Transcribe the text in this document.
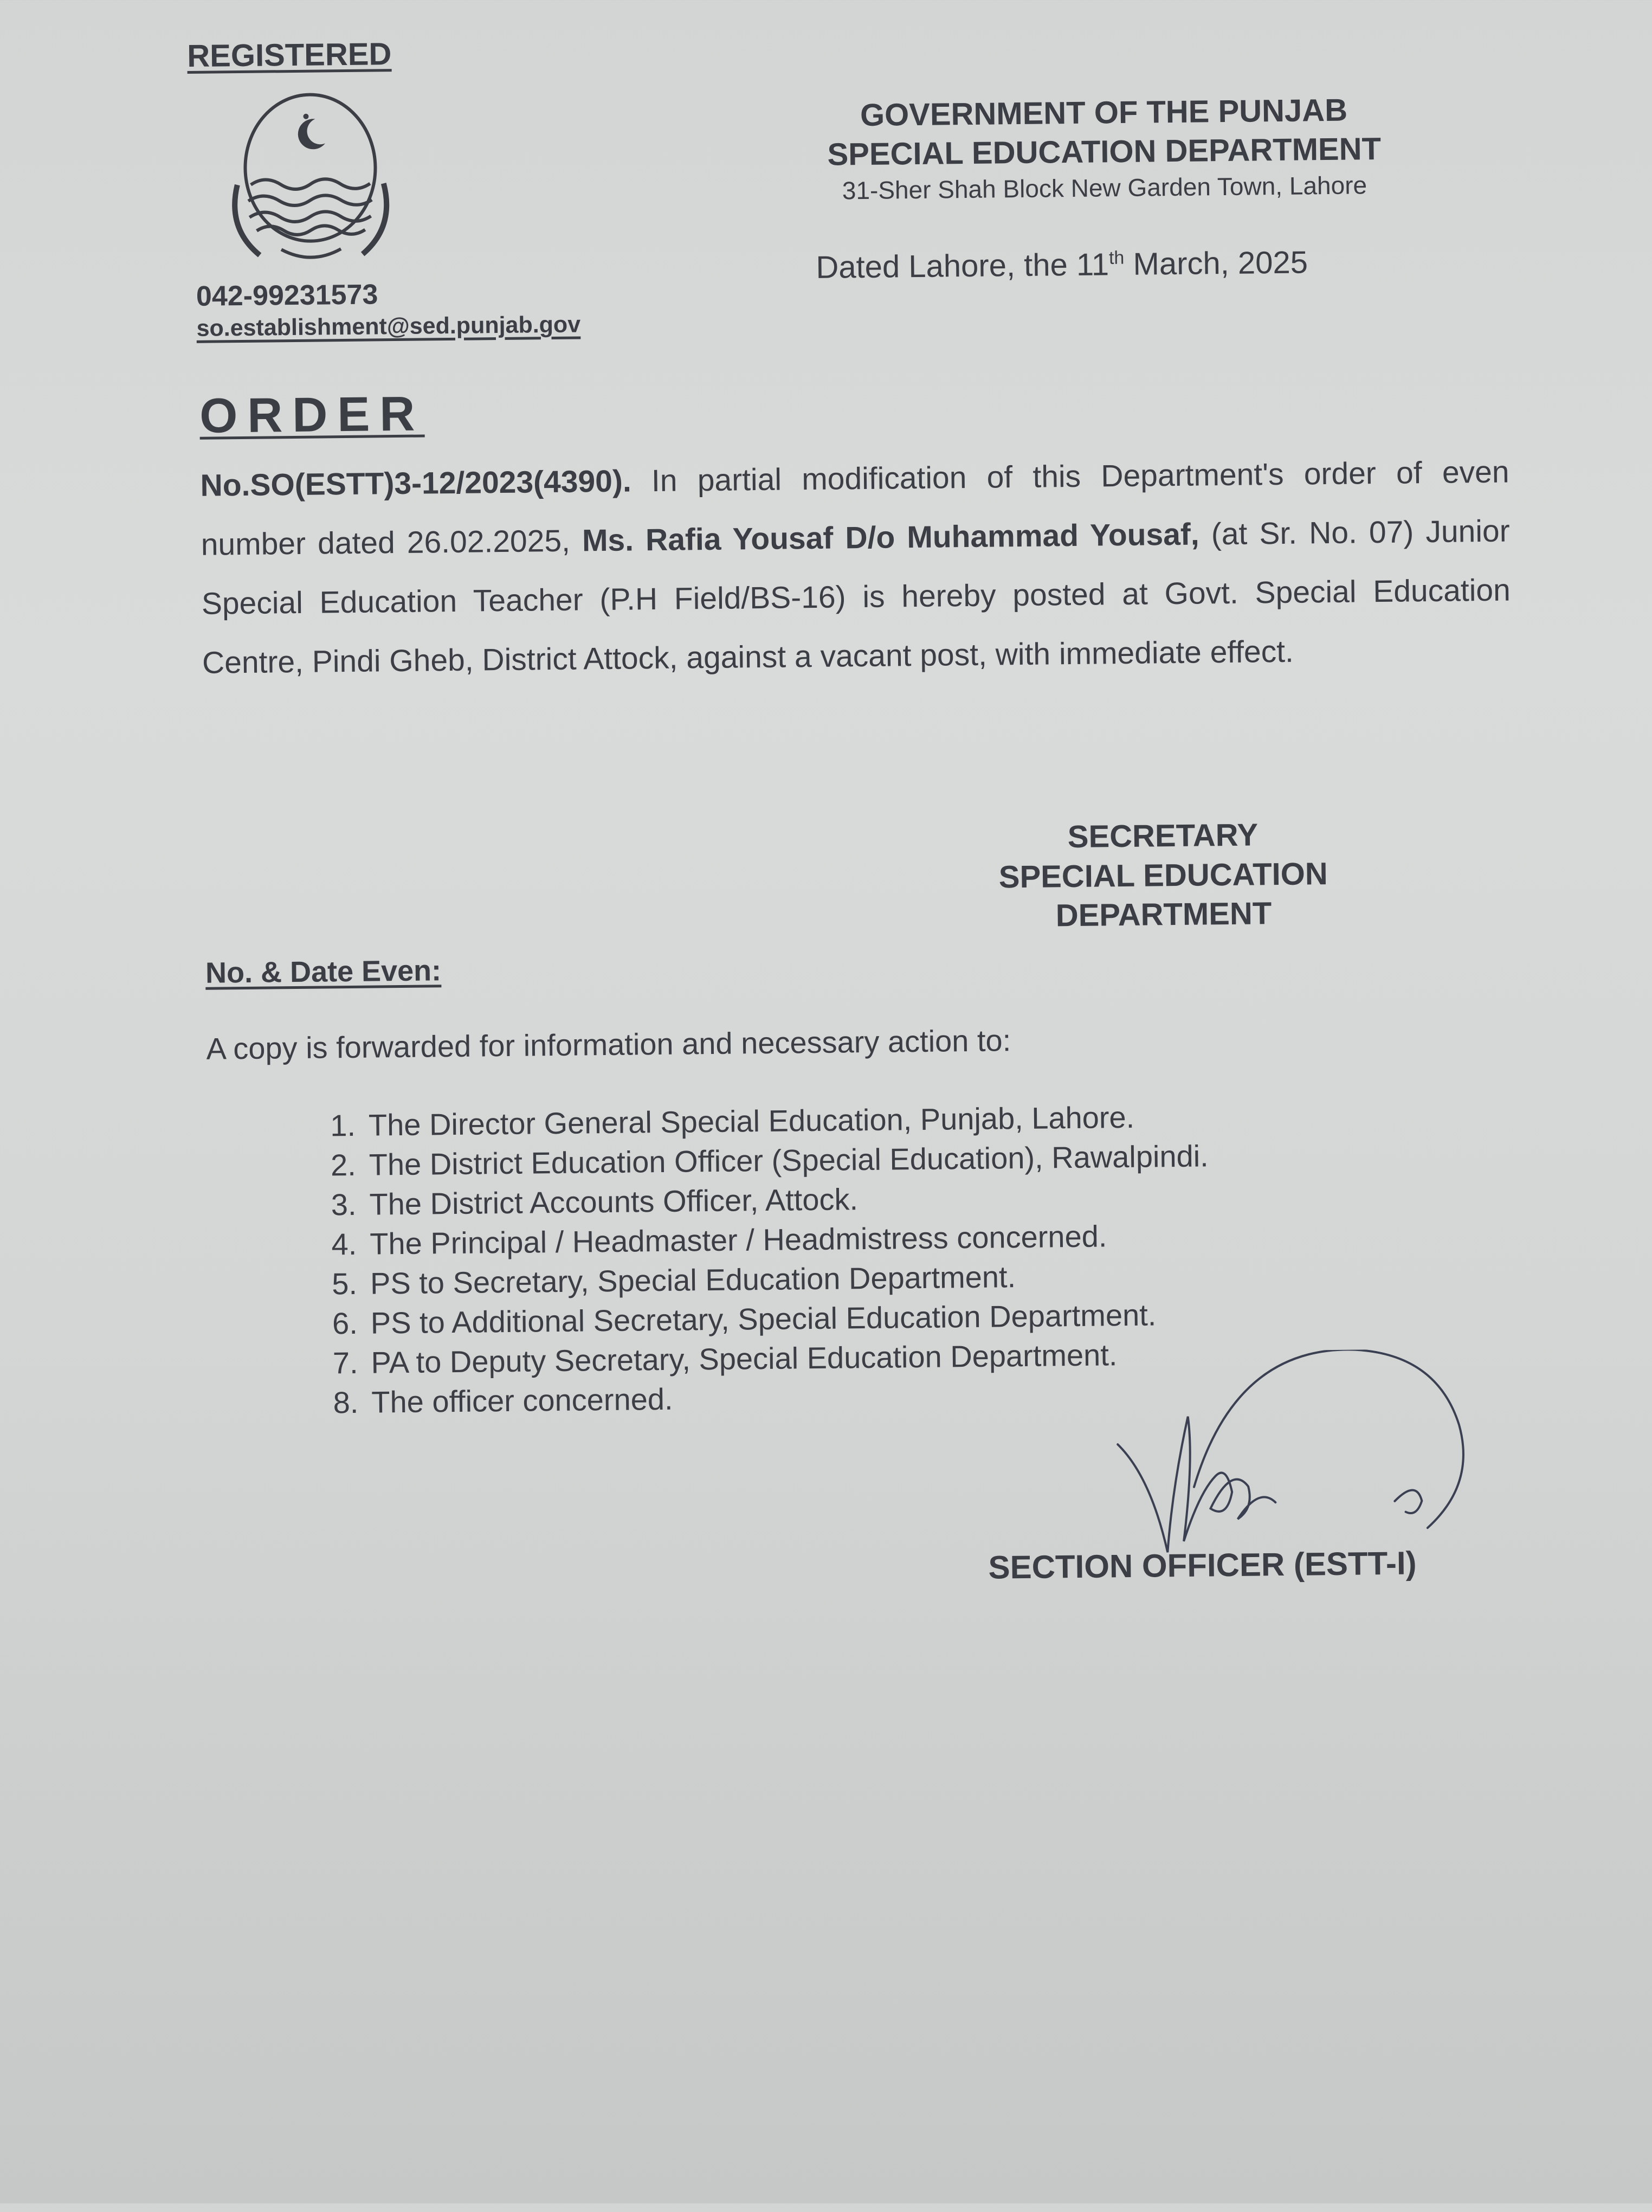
REGISTERED
GOVERNMENT OF THE PUNJAB
SPECIAL EDUCATION DEPARTMENT
31-Sher Shah Block New Garden Town, Lahore
Dated Lahore, the 11th March, 2025
042-99231573
so.establishment@sed.punjab.gov
ORDER
No.SO(ESTT)3-12/2023(4390). In partial modification of this Department's order of even number dated 26.02.2025, Ms. Rafia Yousaf D/o Muhammad Yousaf, (at Sr. No. 07) Junior Special Education Teacher (P.H Field/BS-16) is hereby posted at Govt. Special Education Centre, Pindi Gheb, District Attock, against a vacant post, with immediate effect.
SECRETARY
SPECIAL EDUCATION
DEPARTMENT
No. & Date Even:
A copy is forwarded for information and necessary action to:
1. The Director General Special Education, Punjab, Lahore.
2. The District Education Officer (Special Education), Rawalpindi.
3. The District Accounts Officer, Attock.
4. The Principal / Headmaster / Headmistress concerned.
5. PS to Secretary, Special Education Department.
6. PS to Additional Secretary, Special Education Department.
7. PA to Deputy Secretary, Special Education Department.
8. The officer concerned.
SECTION OFFICER (ESTT-I)
